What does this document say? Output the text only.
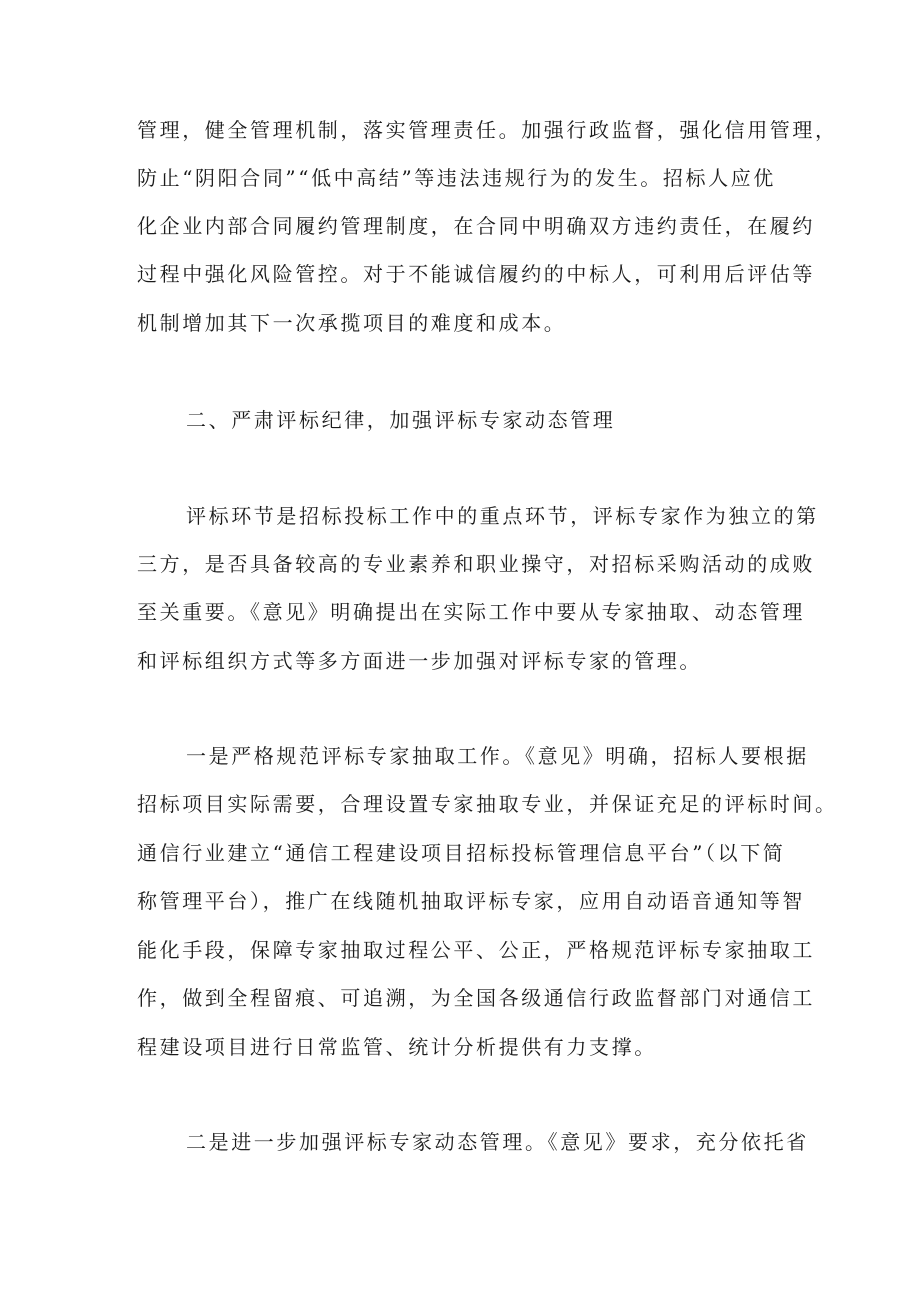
管理，健全管理机制，落实管理责任。加强行政监督，强化信用管理，
防止“阴阳合同”“低中高结”等违法违规行为的发生。招标人应优
化企业内部合同履约管理制度，在合同中明确双方违约责任，在履约
过程中强化风险管控。对于不能诚信履约的中标人，可利用后评估等
机制增加其下一次承揽项目的难度和成本。
二、严肃评标纪律，加强评标专家动态管理
评标环节是招标投标工作中的重点环节，评标专家作为独立的第
三方，是否具备较高的专业素养和职业操守，对招标采购活动的成败
至关重要。《意见》明确提出在实际工作中要从专家抽取、动态管理
和评标组织方式等多方面进一步加强对评标专家的管理。
一是严格规范评标专家抽取工作。《意见》明确，招标人要根据
招标项目实际需要，合理设置专家抽取专业，并保证充足的评标时间。
通信行业建立“通信工程建设项目招标投标管理信息平台”（以下简
称管理平台），推广在线随机抽取评标专家，应用自动语音通知等智
能化手段，保障专家抽取过程公平、公正，严格规范评标专家抽取工
作，做到全程留痕、可追溯，为全国各级通信行政监督部门对通信工
程建设项目进行日常监管、统计分析提供有力支撑。
二是进一步加强评标专家动态管理。《意见》要求，充分依托省
